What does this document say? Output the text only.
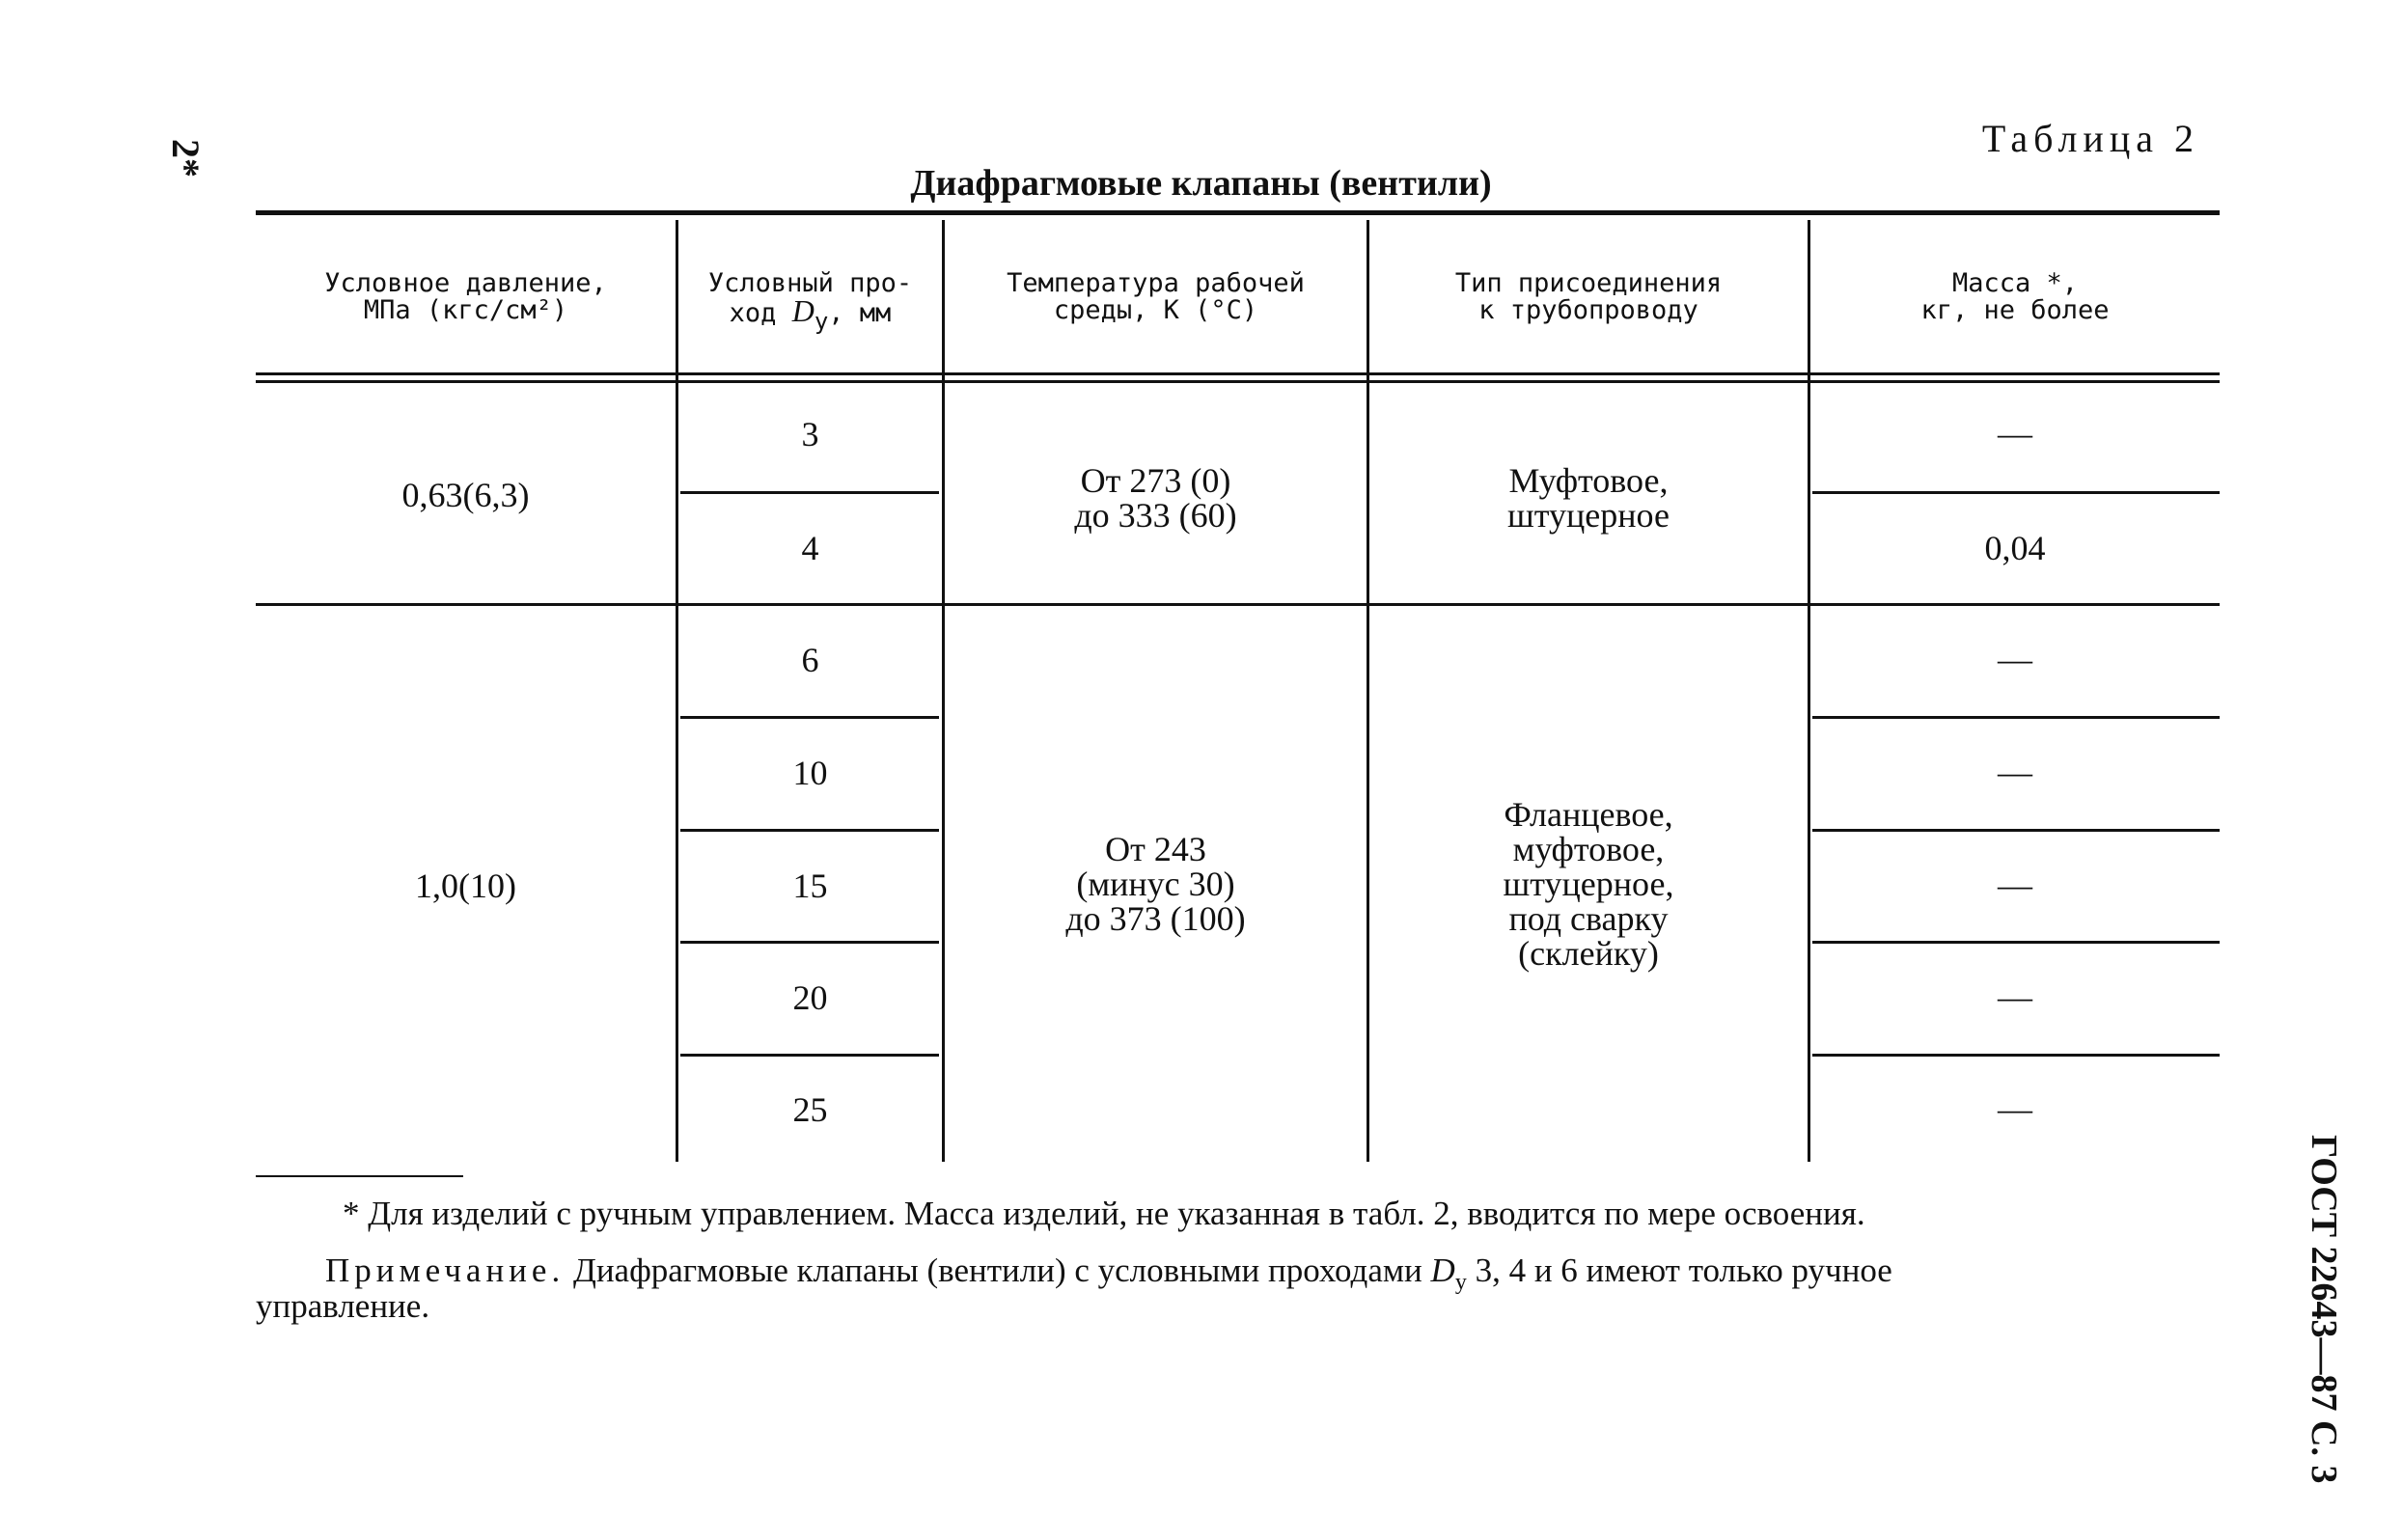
2*	Таблица 2
Диафрагмовые клапаны (вентили)
ГОСТ 22643—87 С. 3
Условное давление,
МПа (кгс/см²)
Условный про-
ход Dу, мм
Температура рабочей
среды, К (°С)
Тип присоединения
к трубопроводу
Масса *,
кг, не более
0,63(6,3)
3
4
От 273 (0)
до 333 (60)
Муфтовое,
штуцерное
—
0,04
1,0(10)
6
10
15
20
25
От 243
(минус 30)
до 373 (100)
Фланцевое,
муфтовое,
штуцерное,
под сварку
(склейку)
—
—
—
—
—
* Для изделий с ручным управлением. Масса изделий, не указанная в табл. 2, вводится по мере освоения.
Примечание. Диафрагмовые клапаны (вентили) с условными проходами $D_у$ 3, 4 и 6 имеют только ручное
управление.
